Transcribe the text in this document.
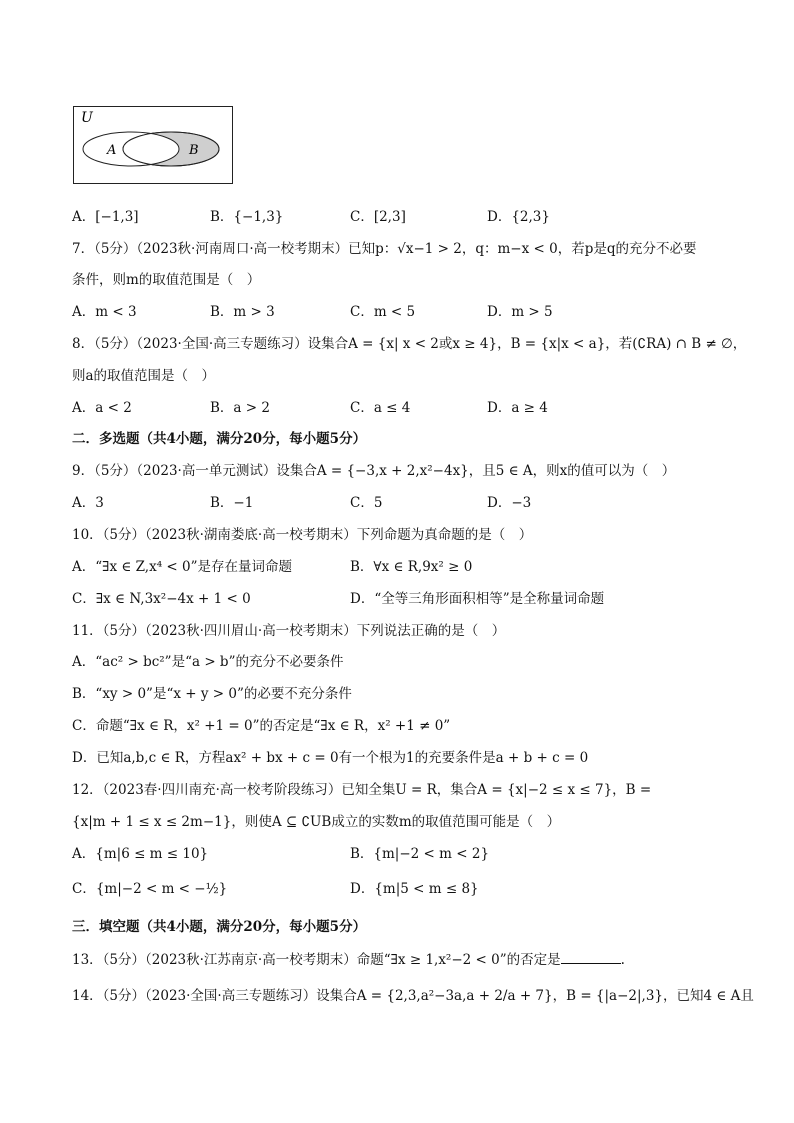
U
A	B
A．[−1,3]	B．{−1,3}	C．[2,3]	D．{2,3}
7．（5分）（2023秋·河南周口·高一校考期末）已知p：√x−1 > 2，q：m−x < 0，若p是q的充分不必要
条件，则m的取值范围是（　）
A．m < 3	B．m > 3	C．m < 5	D．m > 5
8．（5分）（2023·全国·高三专题练习）设集合A = {x| x < 2或x ≥ 4}，B = {x|x < a}，若(∁RA) ∩ B ≠ ∅，
则a的取值范围是（　）
A．a < 2	B．a > 2	C．a ≤ 4	D．a ≥ 4
二．多选题（共4小题，满分20分，每小题5分）
9．（5分）（2023·高一单元测试）设集合A = {−3,x + 2,x²−4x}，且5 ∈ A，则x的值可以为（　）
A．3	B．−1	C．5	D．−3
10．（5分）（2023秋·湖南娄底·高一校考期末）下列命题为真命题的是（　）
A．“∃x ∈ Z,x⁴ < 0”是存在量词命题	B．∀x ∈ R,9x² ≥ 0
C．∃x ∈ N,3x²−4x + 1 < 0	D．“全等三角形面积相等”是全称量词命题
11．（5分）（2023秋·四川眉山·高一校考期末）下列说法正确的是（　）
A．“ac² > bc²”是“a > b”的充分不必要条件
B．“xy > 0”是“x + y > 0”的必要不充分条件
C．命题“∃x ∈ R，x² +1 = 0”的否定是“∃x ∈ R，x² +1 ≠ 0”
D．已知a,b,c ∈ R，方程ax² + bx + c = 0有一个根为1的充要条件是a + b + c = 0
12．（2023春·四川南充·高一校考阶段练习）已知全集U = R，集合A = {x|−2 ≤ x ≤ 7}，B =
{x|m + 1 ≤ x ≤ 2m−1}，则使A ⊆ ∁UB成立的实数m的取值范围可能是（　）
A．{m|6 ≤ m ≤ 10}	B．{m|−2 < m < 2}
C．{m|−2 < m < −½}	D．{m|5 < m ≤ 8}
三．填空题（共4小题，满分20分，每小题5分）
13．（5分）（2023秋·江苏南京·高一校考期末）命题“∃x ≥ 1,x²−2 < 0”的否定是	.
14．（5分）（2023·全国·高三专题练习）设集合A = {2,3,a²−3a,a + 2/a + 7}，B = {|a−2|,3}，已知4 ∈ A且
